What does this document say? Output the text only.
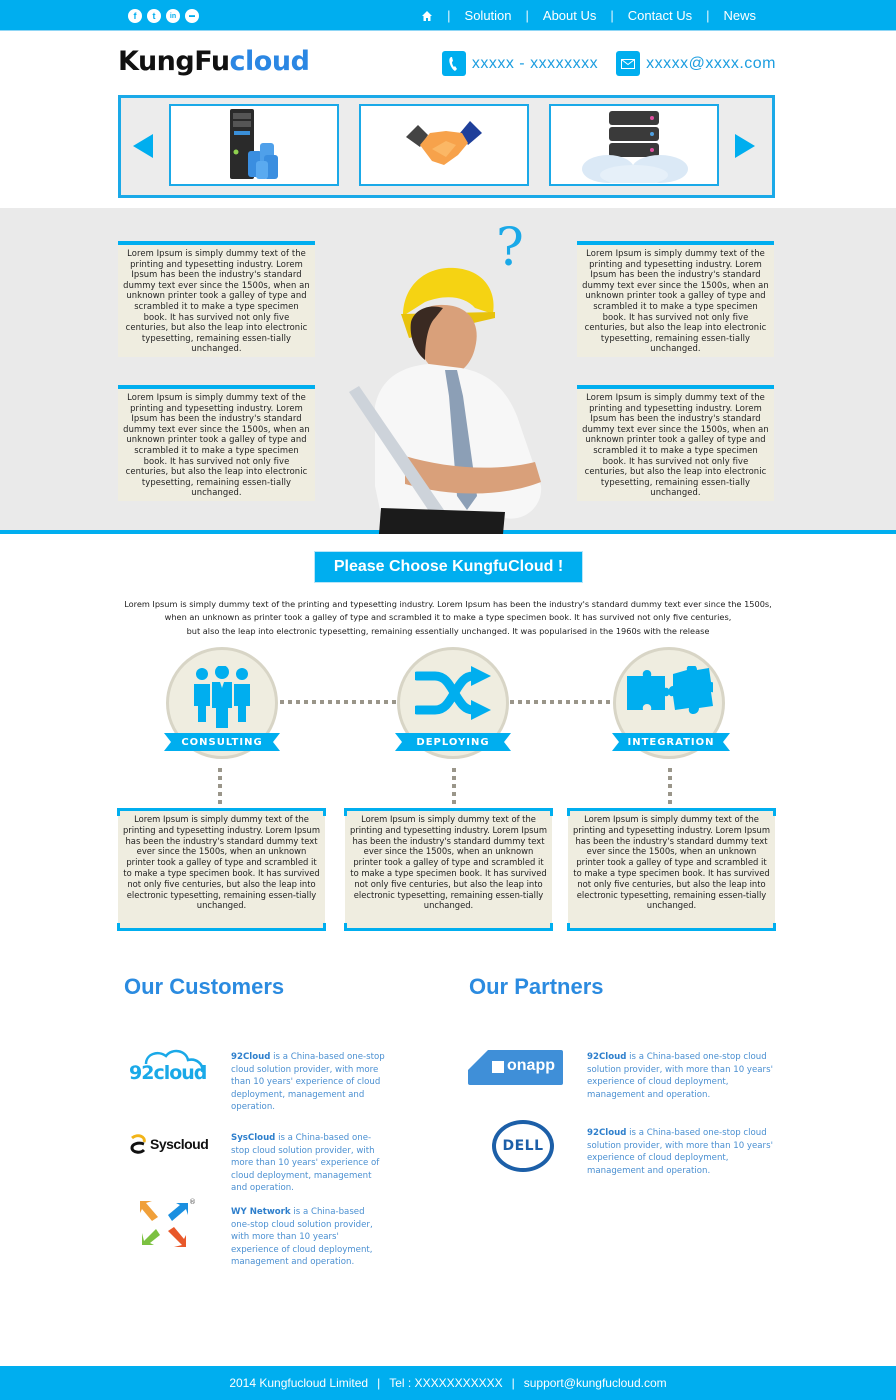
f	t	in	▬	| Solution | About Us | Contact Us | News
KungFucloud	xxxxx - xxxxxxxx	xxxxx@xxxx.com
Lorem Ipsum is simply dummy text of the printing and typesetting industry. Lorem Ipsum has been the industry's standard dummy text ever since the 1500s, when an unknown printer took a galley of type and scrambled it to make a type specimen book. It has survived not only five centuries, but also the leap into electronic typesetting, remaining essen-tially unchanged.
Lorem Ipsum is simply dummy text of the printing and typesetting industry. Lorem Ipsum has been the industry's standard dummy text ever since the 1500s, when an unknown printer took a galley of type and scrambled it to make a type specimen book. It has survived not only five centuries, but also the leap into electronic typesetting, remaining essen-tially unchanged.
Lorem Ipsum is simply dummy text of the printing and typesetting industry. Lorem Ipsum has been the industry's standard dummy text ever since the 1500s, when an unknown printer took a galley of type and scrambled it to make a type specimen book. It has survived not only five centuries, but also the leap into electronic typesetting, remaining essen-tially unchanged.
Lorem Ipsum is simply dummy text of the printing and typesetting industry. Lorem Ipsum has been the industry's standard dummy text ever since the 1500s, when an unknown printer took a galley of type and scrambled it to make a type specimen book. It has survived not only five centuries, but also the leap into electronic typesetting, remaining essen-tially unchanged.
?
Please Choose KungfuCloud !
Lorem Ipsum is simply dummy text of the printing and typesetting industry. Lorem Ipsum has been the industry's standard dummy text ever since the 1500s,
when an unknown as printer took a galley of type and scrambled it to make a type specimen book. It has survived not only five centuries,
but also the leap into electronic typesetting, remaining essentially unchanged. It was popularised in the 1960s with the release
CONSULTING	DEPLOYING	INTEGRATION
Lorem Ipsum is simply dummy text of the printing and typesetting industry. Lorem Ipsum has been the industry's standard dummy text ever since the 1500s, when an unknown printer took a galley of type and scrambled it to make a type specimen book. It has survived not only five centuries, but also the leap into electronic typesetting, remaining essen-tially unchanged.
Lorem Ipsum is simply dummy text of the printing and typesetting industry. Lorem Ipsum has been the industry's standard dummy text ever since the 1500s, when an unknown printer took a galley of type and scrambled it to make a type specimen book. It has survived not only five centuries, but also the leap into electronic typesetting, remaining essen-tially unchanged.
Lorem Ipsum is simply dummy text of the printing and typesetting industry. Lorem Ipsum has been the industry's standard dummy text ever since the 1500s, when an unknown printer took a galley of type and scrambled it to make a type specimen book. It has survived not only five centuries, but also the leap into electronic typesetting, remaining essen-tially unchanged.
Our Customers
92cloud
92Cloud is a China-based one-stop cloud solution provider, with more than 10 years' experience of cloud deployment, management and operation.
Syscloud	SysCloud is a China-based one-stop cloud solution provider, with more than 10 years' experience of cloud deployment, management and operation.
®
WY Network is a China-based one-stop cloud solution provider, with more than 10 years' experience of cloud deployment, management and operation.
Our Partners
onapp	92Cloud is a China-based one-stop cloud solution provider, with more than 10 years' experience of cloud deployment, management and operation.
DELL
92Cloud is a China-based one-stop cloud solution provider, with more than 10 years' experience of cloud deployment, management and operation.
2014 Kungfucloud Limited | Tel : XXXXXXXXXXX | support@kungfucloud.com
